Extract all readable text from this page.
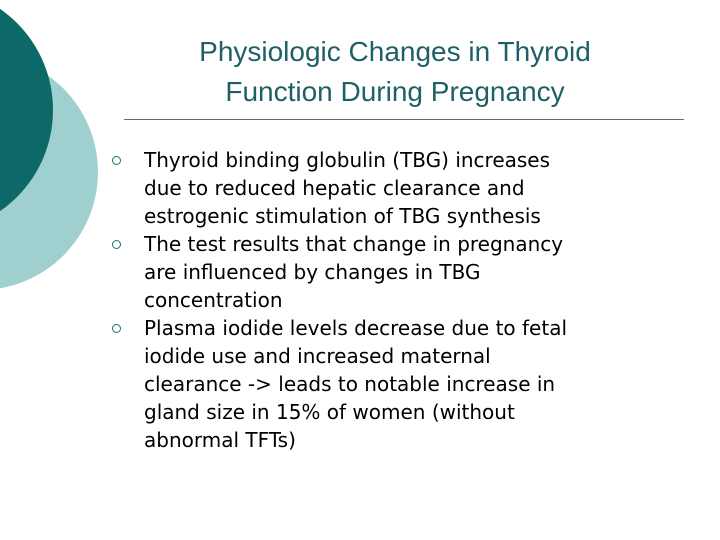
Physiologic Changes in Thyroid
Function During Pregnancy
Thyroid binding globulin (TBG) increases
due to reduced hepatic clearance and
estrogenic stimulation of TBG synthesis
The test results that change in pregnancy
are influenced by changes in TBG
concentration
Plasma iodide levels decrease due to fetal
iodide use and increased maternal
clearance -> leads to notable increase in
gland size in 15% of women (without
abnormal TFTs)
